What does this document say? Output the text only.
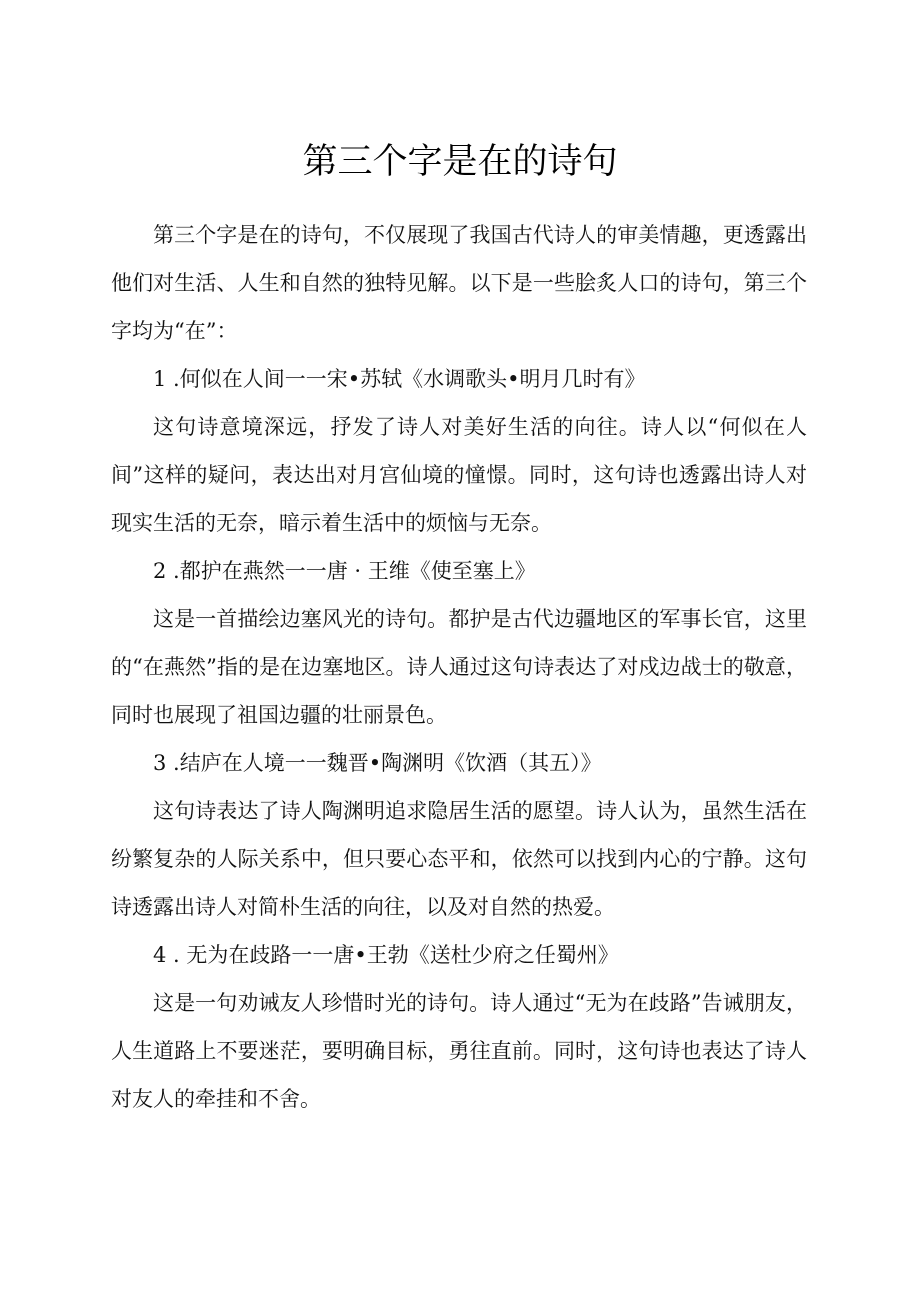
第三个字是在的诗句

第三个字是在的诗句，不仅展现了我国古代诗人的审美情趣，更透露出他们对生活、人生和自然的独特见解。以下是一些脍炙人口的诗句，第三个字均为“在”：

1 .何似在人间一一宋•苏轼《水调歌头•明月几时有》

这句诗意境深远，抒发了诗人对美好生活的向往。诗人以“何似在人间”这样的疑问，表达出对月宫仙境的憧憬。同时，这句诗也透露出诗人对现实生活的无奈，暗示着生活中的烦恼与无奈。

2 .都护在燕然一一唐 · 王维《使至塞上》

这是一首描绘边塞风光的诗句。都护是古代边疆地区的军事长官，这里的“在燕然”指的是在边塞地区。诗人通过这句诗表达了对戍边战士的敬意，同时也展现了祖国边疆的壮丽景色。

3 .结庐在人境一一魏晋•陶渊明《饮酒（其五）》

这句诗表达了诗人陶渊明追求隐居生活的愿望。诗人认为，虽然生活在纷繁复杂的人际关系中，但只要心态平和，依然可以找到内心的宁静。这句诗透露出诗人对简朴生活的向往，以及对自然的热爱。

4 . 无为在歧路一一唐•王勃《送杜少府之任蜀州》

这是一句劝诫友人珍惜时光的诗句。诗人通过“无为在歧路”告诫朋友，人生道路上不要迷茫，要明确目标，勇往直前。同时，这句诗也表达了诗人对友人的牵挂和不舍。
